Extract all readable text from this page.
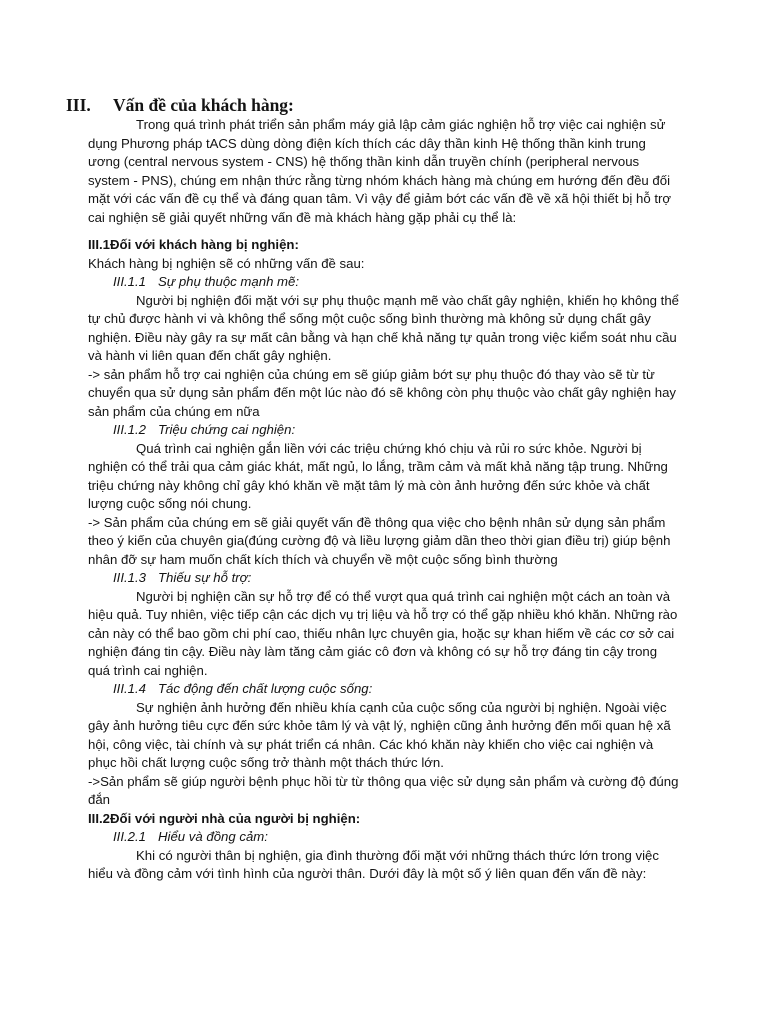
III. Vấn đề của khách hàng:

Trong quá trình phát triển sản phẩm máy giả lập cảm giác nghiện hỗ trợ việc cai nghiện sử dụng Phương pháp tACS dùng dòng điện kích thích các dây thần kinh Hệ thống thần kinh trung ương (central nervous system - CNS) hệ thống thần kinh dẫn truyền chính (peripheral nervous system - PNS), chúng em nhận thức rằng từng nhóm khách hàng mà chúng em hướng đến đều đối mặt với các vấn đề cụ thể và đáng quan tâm. Vì vậy để giảm bớt các vấn đề về xã hội thiết bị hỗ trợ cai nghiện sẽ giải quyết những vấn đề mà khách hàng gặp phải cụ thể là:

III.1Đối với khách hàng bị nghiện:

Khách hàng bị nghiện sẽ có những vấn đề sau:

III.1.1 Sự phụ thuộc mạnh mẽ:

Người bị nghiện đối mặt với sự phụ thuộc mạnh mẽ vào chất gây nghiện, khiến họ không thể tự chủ được hành vi và không thể sống một cuộc sống bình thường mà không sử dụng chất gây nghiện. Điều này gây ra sự mất cân bằng và hạn chế khả năng tự quản trong việc kiểm soát nhu cầu và hành vi liên quan đến chất gây nghiện.

-> sản phẩm hỗ trợ cai nghiện của chúng em sẽ giúp giảm bớt sự phụ thuộc đó thay vào sẽ từ từ chuyển qua sử dụng sản phẩm đến một lúc nào đó sẽ không còn phụ thuộc vào chất gây nghiện hay sản phẩm của chúng em nữa

III.1.2 Triệu chứng cai nghiện:

Quá trình cai nghiện gắn liền với các triệu chứng khó chịu và rủi ro sức khỏe. Người bị nghiện có thể trải qua cảm giác khát, mất ngủ, lo lắng, trầm cảm và mất khả năng tập trung. Những triệu chứng này không chỉ gây khó khăn về mặt tâm lý mà còn ảnh hưởng đến sức khỏe và chất lượng cuộc sống nói chung.

-> Sản phẩm của chúng em sẽ giải quyết vấn đề thông qua việc cho bệnh nhân sử dụng sản phẩm theo ý kiến của chuyên gia(đúng cường độ và liều lượng giảm dần theo thời gian điều trị) giúp bệnh nhân đỡ sự ham muốn chất kích thích và chuyển về một cuộc sống bình thường

III.1.3 Thiếu sự hỗ trợ:

Người bị nghiện cần sự hỗ trợ để có thể vượt qua quá trình cai nghiện một cách an toàn và hiệu quả. Tuy nhiên, việc tiếp cận các dịch vụ trị liệu và hỗ trợ có thể gặp nhiều khó khăn. Những rào cản này có thể bao gồm chi phí cao, thiếu nhân lực chuyên gia, hoặc sự khan hiếm về các cơ sở cai nghiện đáng tin cậy. Điều này làm tăng cảm giác cô đơn và không có sự hỗ trợ đáng tin cậy trong quá trình cai nghiện.

III.1.4 Tác động đến chất lượng cuộc sống:

Sự nghiện ảnh hưởng đến nhiều khía cạnh của cuộc sống của người bị nghiện. Ngoài việc gây ảnh hưởng tiêu cực đến sức khỏe tâm lý và vật lý, nghiện cũng ảnh hưởng đến mối quan hệ xã hội, công việc, tài chính và sự phát triển cá nhân. Các khó khăn này khiến cho việc cai nghiện và phục hồi chất lượng cuộc sống trở thành một thách thức lớn.

->Sản phẩm sẽ giúp người bệnh phục hồi từ từ thông qua việc sử dụng sản phẩm và cường độ đúng đắn

III.2Đối với người nhà của người bị nghiện:

III.2.1 Hiểu và đồng cảm:

Khi có người thân bị nghiện, gia đình thường đối mặt với những thách thức lớn trong việc hiểu và đồng cảm với tình hình của người thân. Dưới đây là một số ý liên quan đến vấn đề này:
